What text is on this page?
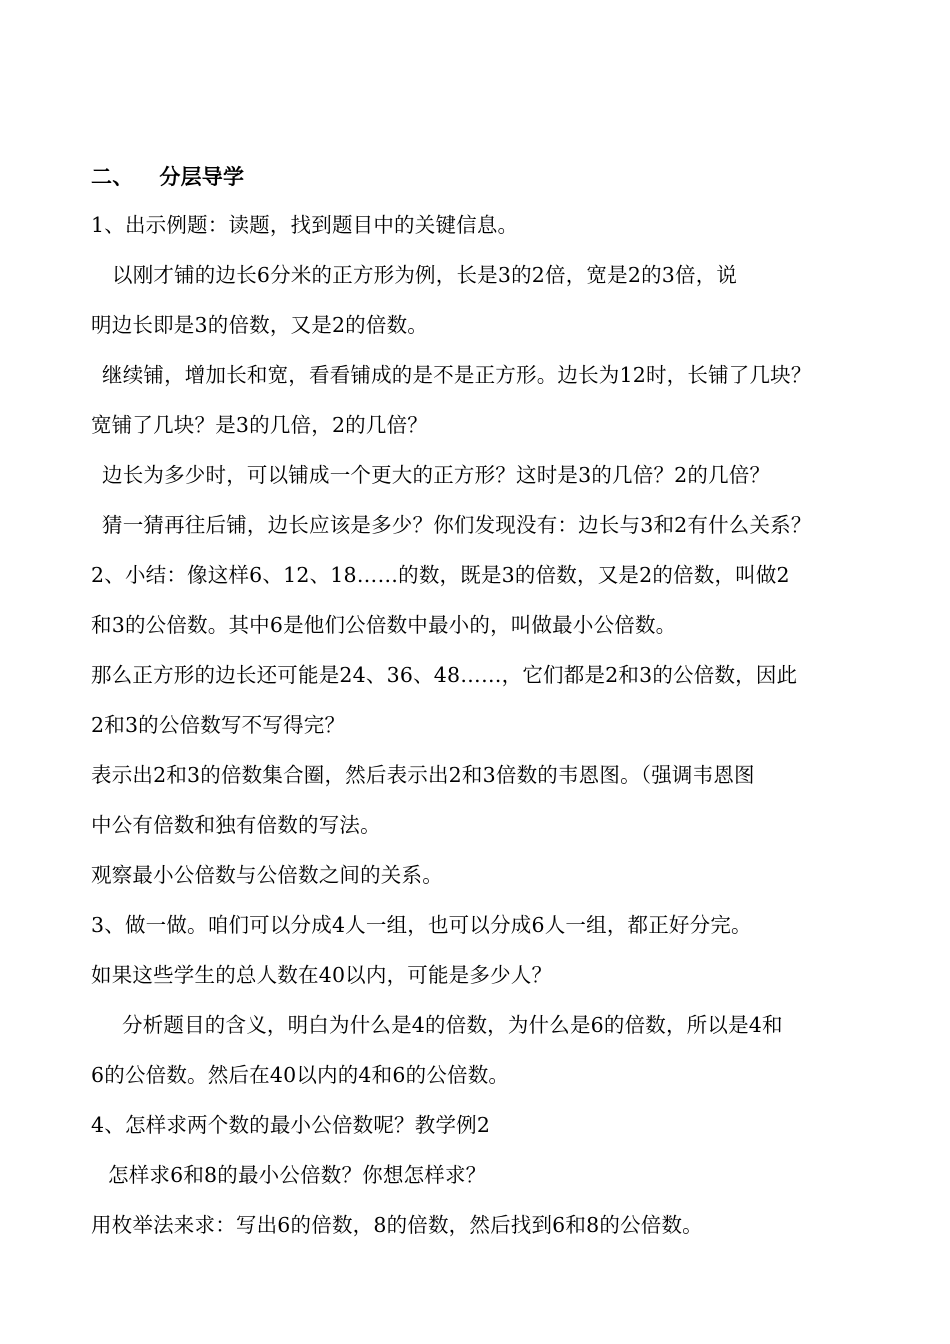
二、 分层导学
1、出示例题：读题，找到题目中的关键信息。
以刚才铺的边长6分米的正方形为例，长是3的2倍，宽是2的3倍，说
明边长即是3的倍数，又是2的倍数。
继续铺，增加长和宽，看看铺成的是不是正方形。边长为12时，长铺了几块？
宽铺了几块？是3的几倍，2的几倍？
边长为多少时，可以铺成一个更大的正方形？这时是3的几倍？2的几倍？
猜一猜再往后铺，边长应该是多少？你们发现没有：边长与3和2有什么关系？
2、小结：像这样6、12、18……的数，既是3的倍数，又是2的倍数，叫做2
和3的公倍数。其中6是他们公倍数中最小的，叫做最小公倍数。
那么正方形的边长还可能是24、36、48……，它们都是2和3的公倍数，因此
2和3的公倍数写不写得完？
表示出2和3的倍数集合圈，然后表示出2和3倍数的韦恩图。（强调韦恩图
中公有倍数和独有倍数的写法。
观察最小公倍数与公倍数之间的关系。
3、做一做。咱们可以分成4人一组，也可以分成6人一组，都正好分完。
如果这些学生的总人数在40以内，可能是多少人？
分析题目的含义，明白为什么是4的倍数，为什么是6的倍数，所以是4和
6的公倍数。然后在40以内的4和6的公倍数。
4、怎样求两个数的最小公倍数呢？教学例2
怎样求6和8的最小公倍数？你想怎样求？
用枚举法来求：写出6的倍数，8的倍数，然后找到6和8的公倍数。
